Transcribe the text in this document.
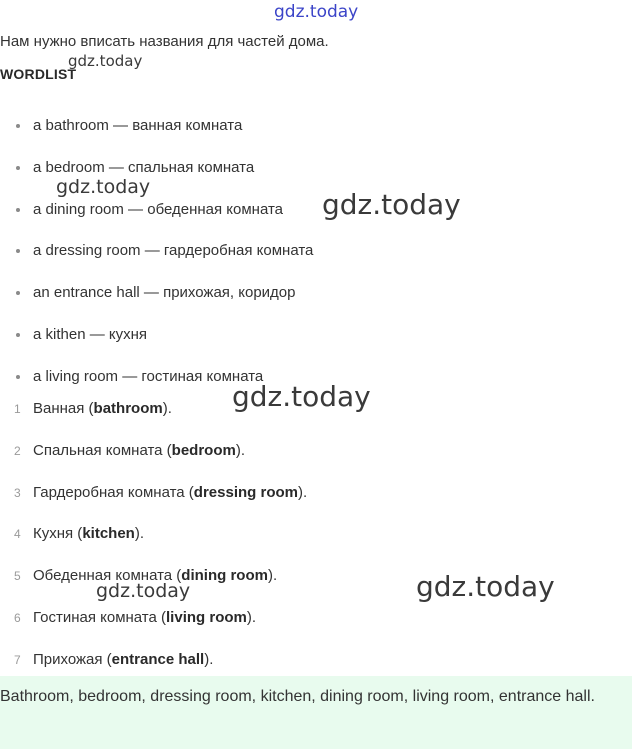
gdz.today
Нам нужно вписать названия для частей дома.
WORDLIST
a bathroom — ванная комната
a bedroom — спальная комната
a dining room — обеденная комната
a dressing room — гардеробная комната
an entrance hall — прихожая, коридор
a kithen — кухня
a living room — гостиная комната
1 Ванная (bathroom).
2 Спальная комната (bedroom).
3 Гардеробная комната (dressing room).
4 Кухня (kitchen).
5 Обеденная комната (dining room).
6 Гостиная комната (living room).
7 Прихожая (entrance hall).
Bathroom, bedroom, dressing room, kitchen, dining room, living room, entrance hall.
gdz.today
gdz.today
gdz.today
gdz.today
gdz.today	gdz.today
